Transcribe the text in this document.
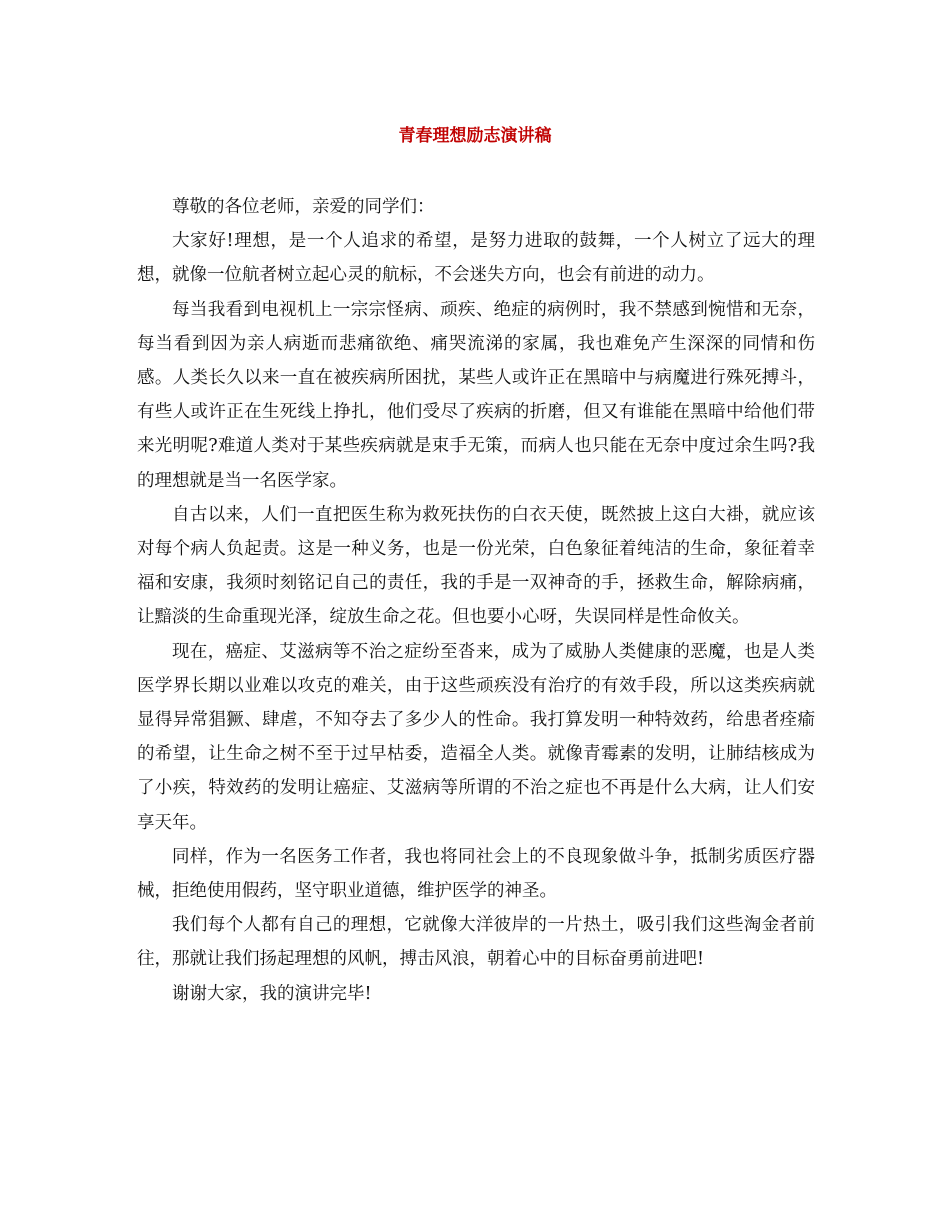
青春理想励志演讲稿

尊敬的各位老师，亲爱的同学们：

大家好!理想，是一个人追求的希望，是努力进取的鼓舞，一个人树立了远大的理想，就像一位航者树立起心灵的航标，不会迷失方向，也会有前进的动力。

每当我看到电视机上一宗宗怪病、顽疾、绝症的病例时，我不禁感到惋惜和无奈，每当看到因为亲人病逝而悲痛欲绝、痛哭流涕的家属，我也难免产生深深的同情和伤感。人类长久以来一直在被疾病所困扰，某些人或许正在黑暗中与病魔进行殊死搏斗，有些人或许正在生死线上挣扎，他们受尽了疾病的折磨，但又有谁能在黑暗中给他们带来光明呢?难道人类对于某些疾病就是束手无策，而病人也只能在无奈中度过余生吗?我的理想就是当一名医学家。

自古以来，人们一直把医生称为救死扶伤的白衣天使，既然披上这白大褂，就应该对每个病人负起责。这是一种义务，也是一份光荣，白色象征着纯洁的生命，象征着幸福和安康，我须时刻铭记自己的责任，我的手是一双神奇的手，拯救生命，解除病痛，让黯淡的生命重现光泽，绽放生命之花。但也要小心呀，失误同样是性命攸关。

现在，癌症、艾滋病等不治之症纷至沓来，成为了威胁人类健康的恶魔，也是人类医学界长期以业难以攻克的难关，由于这些顽疾没有治疗的有效手段，所以这类疾病就显得异常猖獗、肆虐，不知夺去了多少人的性命。我打算发明一种特效药，给患者痊瘉的希望，让生命之树不至于过早枯委，造福全人类。就像青霉素的发明，让肺结核成为了小疾，特效药的发明让癌症、艾滋病等所谓的不治之症也不再是什么大病，让人们安享天年。

同样，作为一名医务工作者，我也将同社会上的不良现象做斗争，抵制劣质医疗器械，拒绝使用假药，坚守职业道德，维护医学的神圣。

我们每个人都有自己的理想，它就像大洋彼岸的一片热土，吸引我们这些淘金者前往，那就让我们扬起理想的风帆，搏击风浪，朝着心中的目标奋勇前进吧!

谢谢大家，我的演讲完毕!
